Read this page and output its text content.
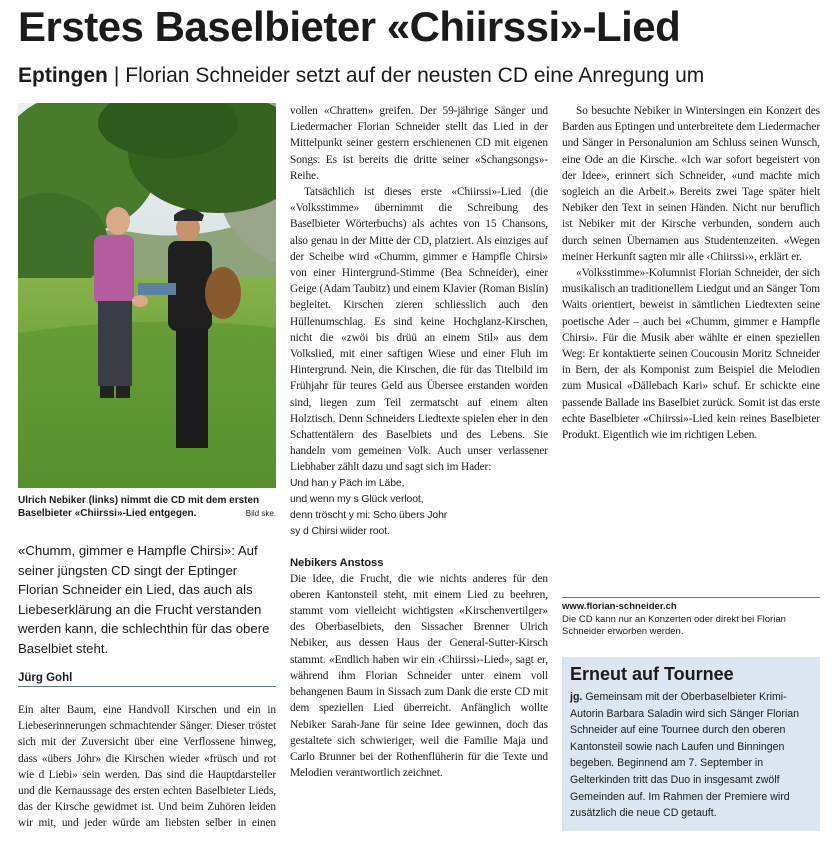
Erstes Baselbieter «Chiirssi»-Lied
Eptingen | Florian Schneider setzt auf der neusten CD eine Anregung um
Ulrich Nebiker (links) nimmt die CD mit dem ersten Baselbieter «Chiirssi»-Lied entgegen.	Bild ske.

«Chumm, gimmer e Hampfle Chirsi»: Auf seiner jüngsten CD singt der Eptinger Florian Schneider ein Lied, das auch als Liebeserklärung an die Frucht verstanden werden kann, die schlechthin für das obere Baselbiet steht.

Jürg Gohl

Ein alter Baum, eine Handvoll Kirschen und ein in Liebeserinnerungen schmachtender Sänger. Dieser tröstet sich mit der Zuversicht über eine Verflossene hinweg, dass «übers Johr» die Kirschen wieder «früsch und rot wie d Liebi» sein werden. Das sind die Hauptdarsteller und die Kernaussage des ersten echten Baselbieter Lieds, das der Kirsche gewidmet ist. Und beim Zuhören leiden wir mit, und jeder würde am liebsten selber in einen

vollen «Chratten» greifen. Der 59-jährige Sänger und Liedermacher Florian Schneider stellt das Lied in der Mittelpunkt seiner gestern erschienenen CD mit eigenen Songs. Es ist bereits die dritte seiner «Schangsongs»-Reihe.

Tatsächlich ist dieses erste «Chiirssi»-Lied (die «Volksstimme» übernimmt die Schreibung des Baselbieter Wörterbuchs) als achtes von 15 Chansons, also genau in der Mitte der CD, platziert. Als einziges auf der Scheibe wird «Chumm, gimmer e Hampfle Chirsi» von einer Hintergrund-Stimme (Bea Schneider), einer Geige (Adam Taubitz) und einem Klavier (Roman Bislin) begleitet. Kirschen zieren schliesslich auch den Hüllenumschlag. Es sind keine Hochglanz-Kirschen, nicht die «zwöi bis drüü an einem Stil» aus dem Volkslied, mit einer saftigen Wiese und einer Fluh im Hintergrund. Nein, die Kirschen, die für das Titelbild im Frühjahr für teures Geld aus Übersee erstanden worden sind, liegen zum Teil zermatscht auf einem alten Holztisch. Denn Schneiders Liedtexte spielen eher in den Schattentälern des Baselbiets und des Lebens. Sie handeln vom gemeinen Volk. Auch unser verlassener Liebhaber zählt dazu und sagt sich im Hader:

Und han y Päch im Läbe,
und wenn my s Glück verloot,
denn tröscht y mi: Scho übers Johr
sy d Chirsi wiider root.
Nebikers Anstoss

Die Idee, die Frucht, die wie nichts anderes für den oberen Kantonsteil steht, mit einem Lied zu beehren, stammt vom vielleicht wichtigsten «Kirschenvertilger» des Oberbaselbiets, den Sissacher Brenner Ulrich Nebiker, aus dessen Haus der General-Sutter-Kirsch stammt. «Endlich haben wir ein ‹Chiirssi›-Lied», sagt er, während ihm Florian Schneider unter einem voll behangenen Baum in Sissach zum Dank die erste CD mit dem speziellen Lied überreicht. Anfänglich wollte Nebiker Sarah-Jane für seine Idee gewinnen, doch das gestaltete sich schwieriger, weil die Familie Maja und Carlo Brunner bei der Rothenflüherin für die Texte und Melodien verantwortlich zeichnet.

So besuchte Nebiker in Wintersingen ein Konzert des Barden aus Eptingen und unterbreitete dem Liedermacher und Sänger in Personalunion am Schluss seinen Wunsch, eine Ode an die Kirsche. «Ich war sofort begeistert von der Idee», erinnert sich Schneider, «und machte mich sogleich an die Arbeit.» Bereits zwei Tage später hielt Nebiker den Text in seinen Händen. Nicht nur beruflich ist Nebiker mit der Kirsche verbunden, sondern auch durch seinen Übernamen aus Studentenzeiten. «Wegen meiner Herkunft sagten mir alle ‹Chiirssi›», erklärt er.

«Volksstimme»-Kolumnist Florian Schneider, der sich musikalisch an traditionellem Liedgut und an Sänger Tom Waits orientiert, beweist in sämtlichen Liedtexten seine poetische Ader – auch bei «Chumm, gimmer e Hampfle Chirsi». Für die Musik aber wählte er einen speziellen Weg: Er kontaktierte seinen Coucousin Moritz Schneider in Bern, der als Komponist zum Beispiel die Melodien zum Musical «Dällebach Kari» schuf. Er schickte eine passende Ballade ins Baselbiet zurück. Somit ist das erste echte Baselbieter «Chiirssi»-Lied kein reines Baselbieter Produkt. Eigentlich wie im richtigen Leben.

www.florian-schneider.ch
Die CD kann nur an Konzerten oder direkt bei Florian Schneider erworben werden.
Erneut auf Tournee
jg. Gemeinsam mit der Oberbaselbieter Krimi-Autorin Barbara Saladin wird sich Sänger Florian Schneider auf eine Tournee durch den oberen Kantonsteil sowie nach Laufen und Binningen begeben. Beginnend am 7. September in Gelterkinden tritt das Duo in insgesamt zwölf Gemeinden auf. Im Rahmen der Premiere wird zusätzlich die neue CD getauft.
